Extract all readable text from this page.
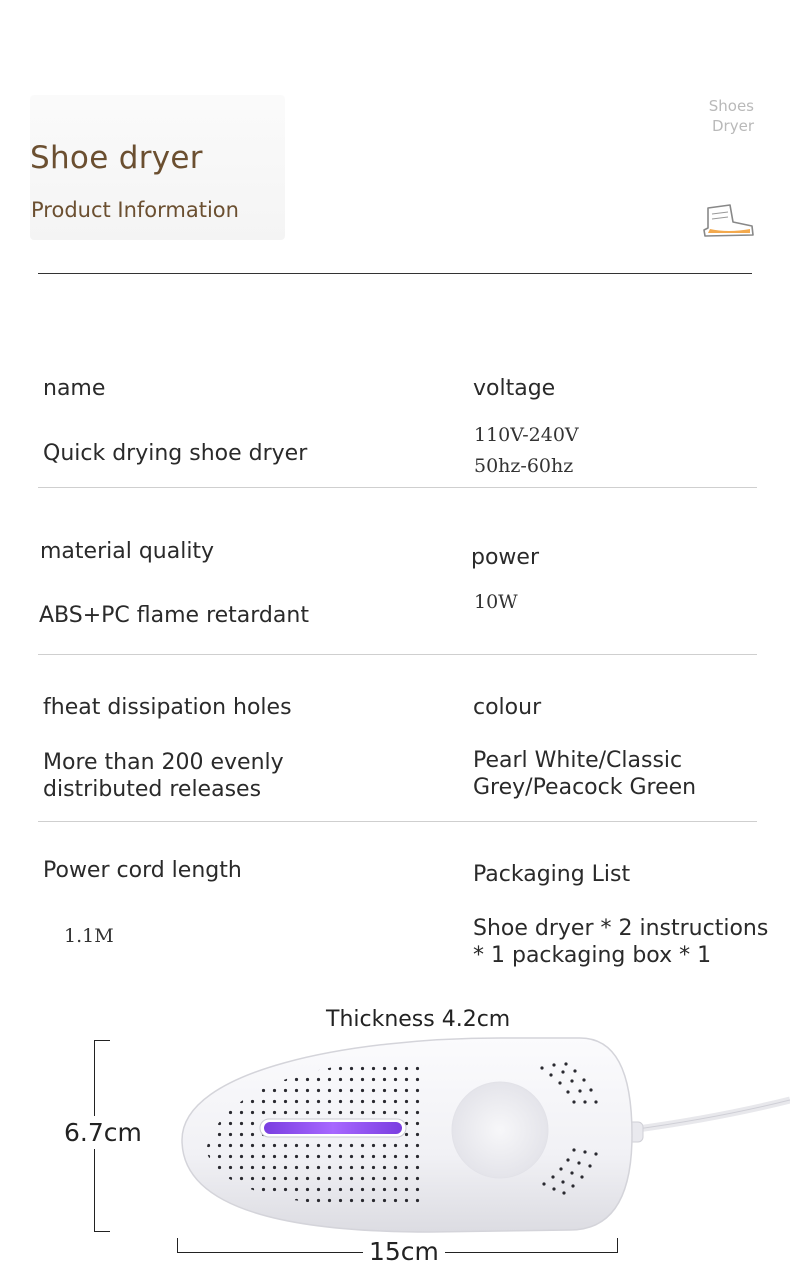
Shoe dryer
Product Information
Shoes
Dryer
name
Quick drying shoe dryer
voltage
110V-240V
50hz-60hz
material quality
ABS+PC flame retardant
power
10W
fheat dissipation holes
More than 200 evenly
distributed releases
colour
Pearl White/Classic
Grey/Peacock Green
Power cord length
1.1M
Packaging List
Shoe dryer * 2 instructions
* 1 packaging box * 1
Thickness 4.2cm
6.7cm
15cm
